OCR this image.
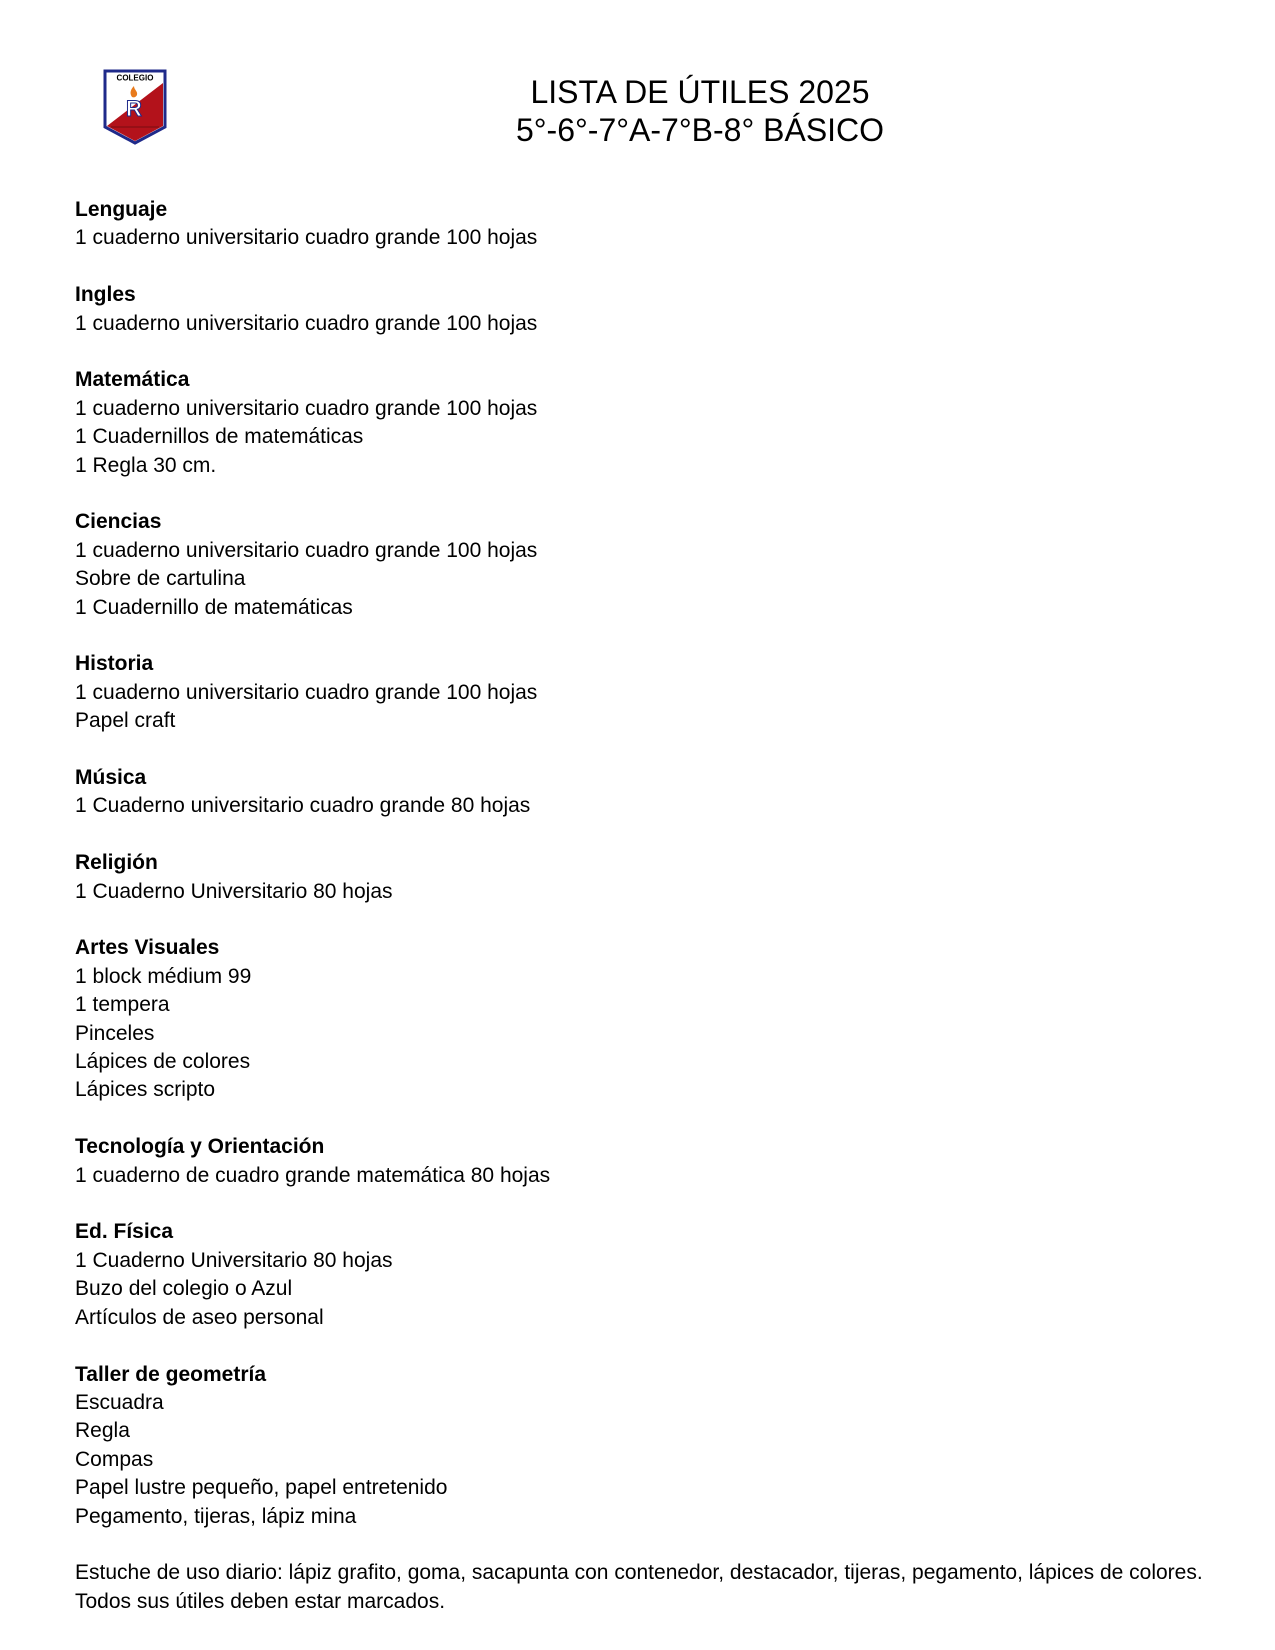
COLEGIO
R	LISTA DE ÚTILES 2025
5°-6°-7°A-7°B-8° BÁSICO
Lenguaje
1 cuaderno universitario cuadro grande 100 hojas
Ingles
1 cuaderno universitario cuadro grande 100 hojas
Matemática
1 cuaderno universitario cuadro grande 100 hojas
1 Cuadernillos de matemáticas
1 Regla 30 cm.
Ciencias
1 cuaderno universitario cuadro grande 100 hojas
Sobre de cartulina
1 Cuadernillo de matemáticas
Historia
1 cuaderno universitario cuadro grande 100 hojas
Papel craft
Música
1 Cuaderno universitario cuadro grande 80 hojas
Religión
1 Cuaderno Universitario 80 hojas
Artes Visuales
1 block médium 99
1 tempera
Pinceles
Lápices de colores
Lápices scripto
Tecnología y Orientación
1 cuaderno de cuadro grande matemática 80 hojas
Ed. Física
1 Cuaderno Universitario 80 hojas
Buzo del colegio o Azul
Artículos de aseo personal
Taller de geometría
Escuadra
Regla
Compas
Papel lustre pequeño, papel entretenido
Pegamento, tijeras, lápiz mina
Estuche de uso diario: lápiz grafito, goma, sacapunta con contenedor, destacador, tijeras, pegamento, lápices de colores. Todos sus útiles deben estar marcados.
